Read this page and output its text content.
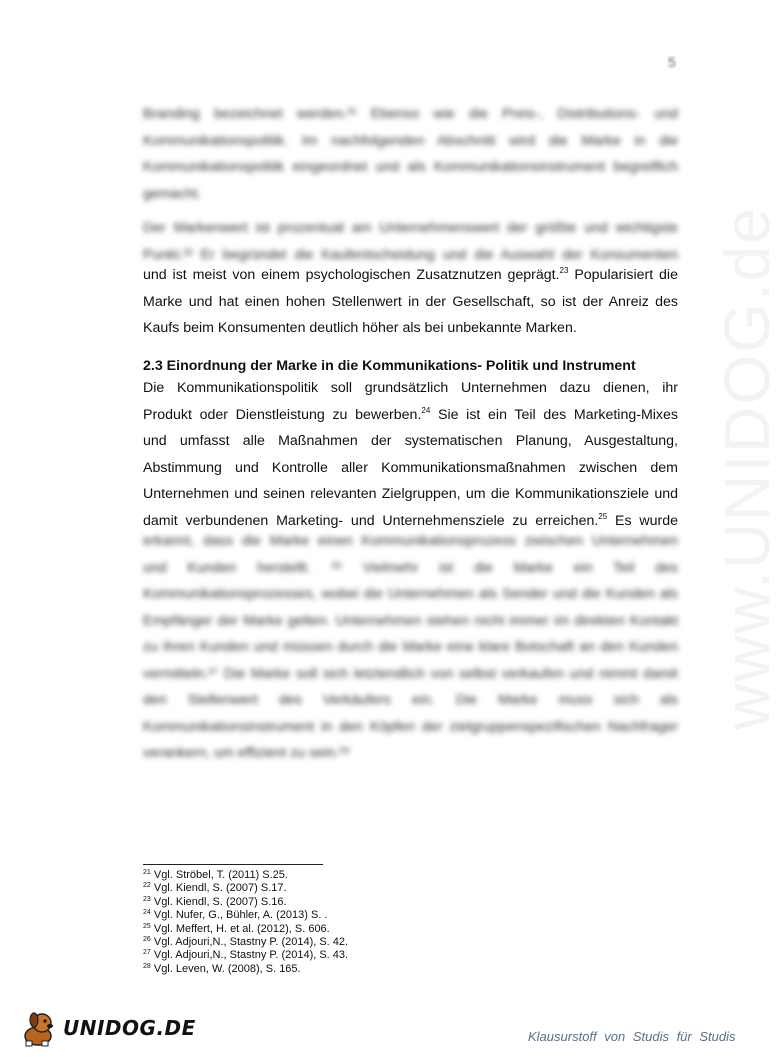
5
www.UNIDOG.de
Branding bezeichnet werden.²¹ Ebenso wie die Preis-, Distributions- und
Kommunikationspolitik. Im nachfolgenden Abschnitt wird die Marke in die
Kommunikationspolitik eingeordnet und als Kommunikationsinstrument begreiflich
gemacht.
Der Markenwert ist prozentual am Unternehmenswert der größte und wichtigste
Punkt.²² Er begründet die Kaufentscheidung und die Auswahl der Konsumenten
und ist meist von einem psychologischen Zusatznutzen geprägt.$^{23}$ Popularisiert die
Marke und hat einen hohen Stellenwert in der Gesellschaft, so ist der Anreiz des
Kaufs beim Konsumenten deutlich höher als bei unbekannte Marken.
2.3 Einordnung der Marke in die Kommunikations- Politik und Instrument
Die Kommunikationspolitik soll grundsätzlich Unternehmen dazu dienen, ihr
Produkt oder Dienstleistung zu bewerben.$^{24}$ Sie ist ein Teil des Marketing-Mixes
und umfasst alle Maßnahmen der systematischen Planung, Ausgestaltung,
Abstimmung und Kontrolle aller Kommunikationsmaßnahmen zwischen dem
Unternehmen und seinen relevanten Zielgruppen, um die Kommunikationsziele und
damit verbundenen Marketing- und Unternehmensziele zu erreichen.$^{25}$ Es wurde
erkannt, dass die Marke einen Kommunikationsprozess zwischen Unternehmen
und Kunden herstellt. ²⁶ Vielmehr ist die Marke ein Teil des
Kommunikationsprozesses, wobei die Unternehmen als Sender und die Kunden als
Empfänger der Marke gelten. Unternehmen stehen nicht immer im direkten Kontakt
zu ihren Kunden und müssen durch die Marke eine klare Botschaft an den Kunden
vermitteln.²⁷ Die Marke soll sich letztendlich von selbst verkaufen und nimmt damit
den Stellenwert des Verkäufers ein. Die Marke muss sich als
Kommunikationsinstrument in den Köpfen der zielgruppenspezifischen Nachfrager
verankern, um effizient zu sein.²⁸
$^{21}$ Vgl. Ströbel, T. (2011) S.25.
$^{22}$ Vgl. Kiendl, S. (2007) S.17.
$^{23}$ Vgl. Kiendl, S. (2007) S.16.
$^{24}$ Vgl. Nufer, G., Bühler, A. (2013) S. .
$^{25}$ Vgl. Meffert, H. et al. (2012), S. 606.
$^{26}$ Vgl. Adjouri,N., Stastny P. (2014), S. 42.
$^{27}$ Vgl. Adjouri,N., Stastny P. (2014), S. 43.
$^{28}$ Vgl. Leven, W. (2008), S. 165.
UNIDOG.DE	Klausurstoff von Studis für Studis
